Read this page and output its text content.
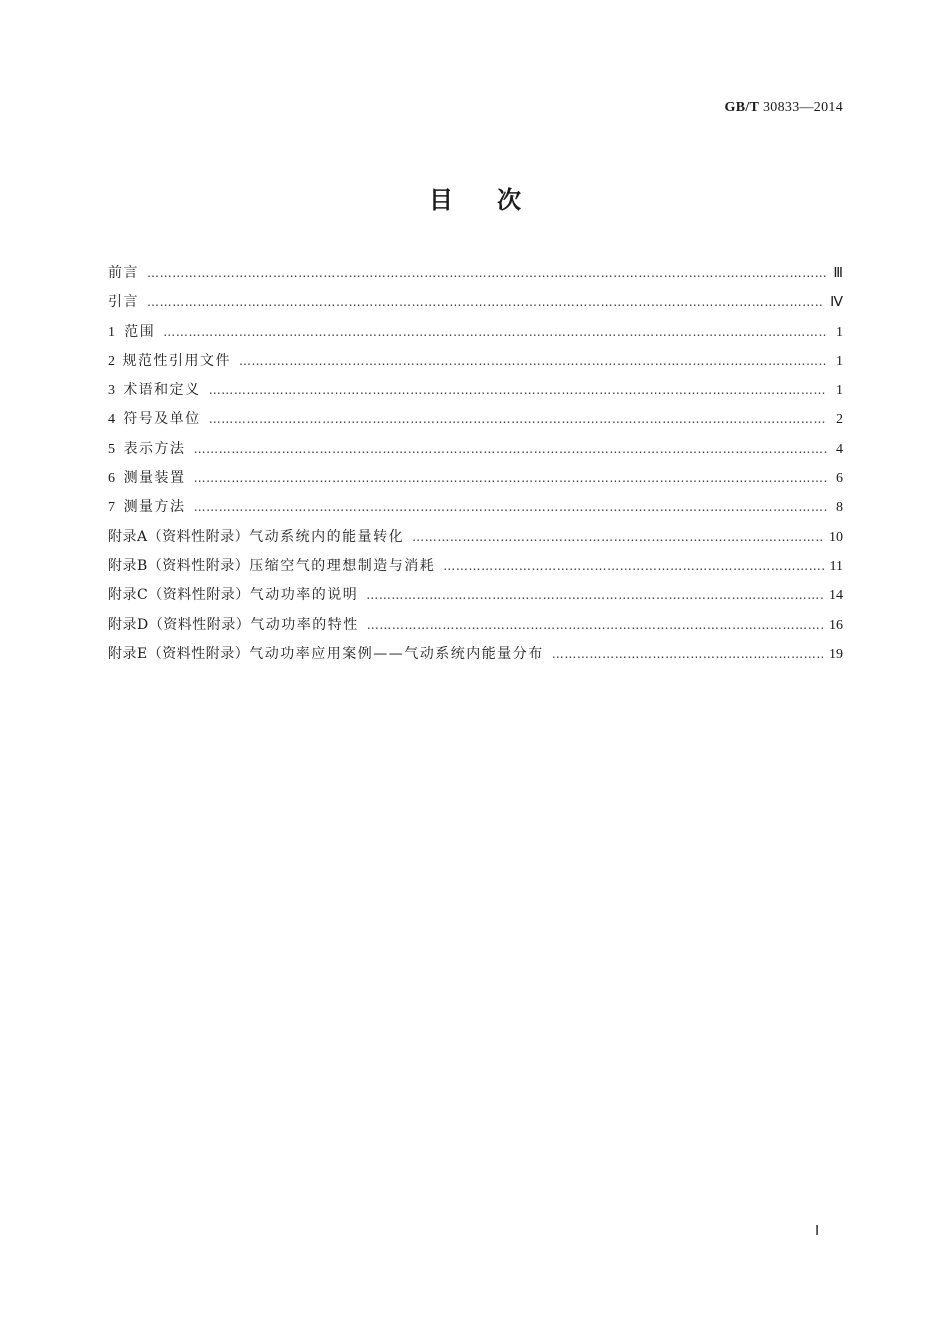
GB/T 30833—2014
目次
前言 ………………………………………………………………………………………………………………………………………………………………………………………………………………………………	Ⅲ
引言 ………………………………………………………………………………………………………………………………………………………………………………………………………………………………	Ⅳ
1 范围 ………………………………………………………………………………………………………………………………………………………………………………………………………………………………	1
2 规范性引用文件 ………………………………………………………………………………………………………………………………………………………………………………………………………………………………	1
3 术语和定义 ………………………………………………………………………………………………………………………………………………………………………………………………………………………………	1
4 符号及单位 ………………………………………………………………………………………………………………………………………………………………………………………………………………………………	2
5 表示方法 ………………………………………………………………………………………………………………………………………………………………………………………………………………………………	4
6 测量装置 ………………………………………………………………………………………………………………………………………………………………………………………………………………………………	6
7 测量方法 ………………………………………………………………………………………………………………………………………………………………………………………………………………………………	8
附录A（资料性附录） 气动系统内的能量转化 ………………………………………………………………………………………………………………………………………………………………………………………………………………………………	10
附录B（资料性附录） 压缩空气的理想制造与消耗 ………………………………………………………………………………………………………………………………………………………………………………………………………………………………	11
附录C（资料性附录） 气动功率的说明 ………………………………………………………………………………………………………………………………………………………………………………………………………………………………	14
附录D（资料性附录） 气动功率的特性 ………………………………………………………………………………………………………………………………………………………………………………………………………………………………	16
附录E（资料性附录） 气动功率应用案例——气动系统内能量分布 ………………………………………………………………………………………………………………………………………………………………………………………………………………………………	19
Ⅰ
